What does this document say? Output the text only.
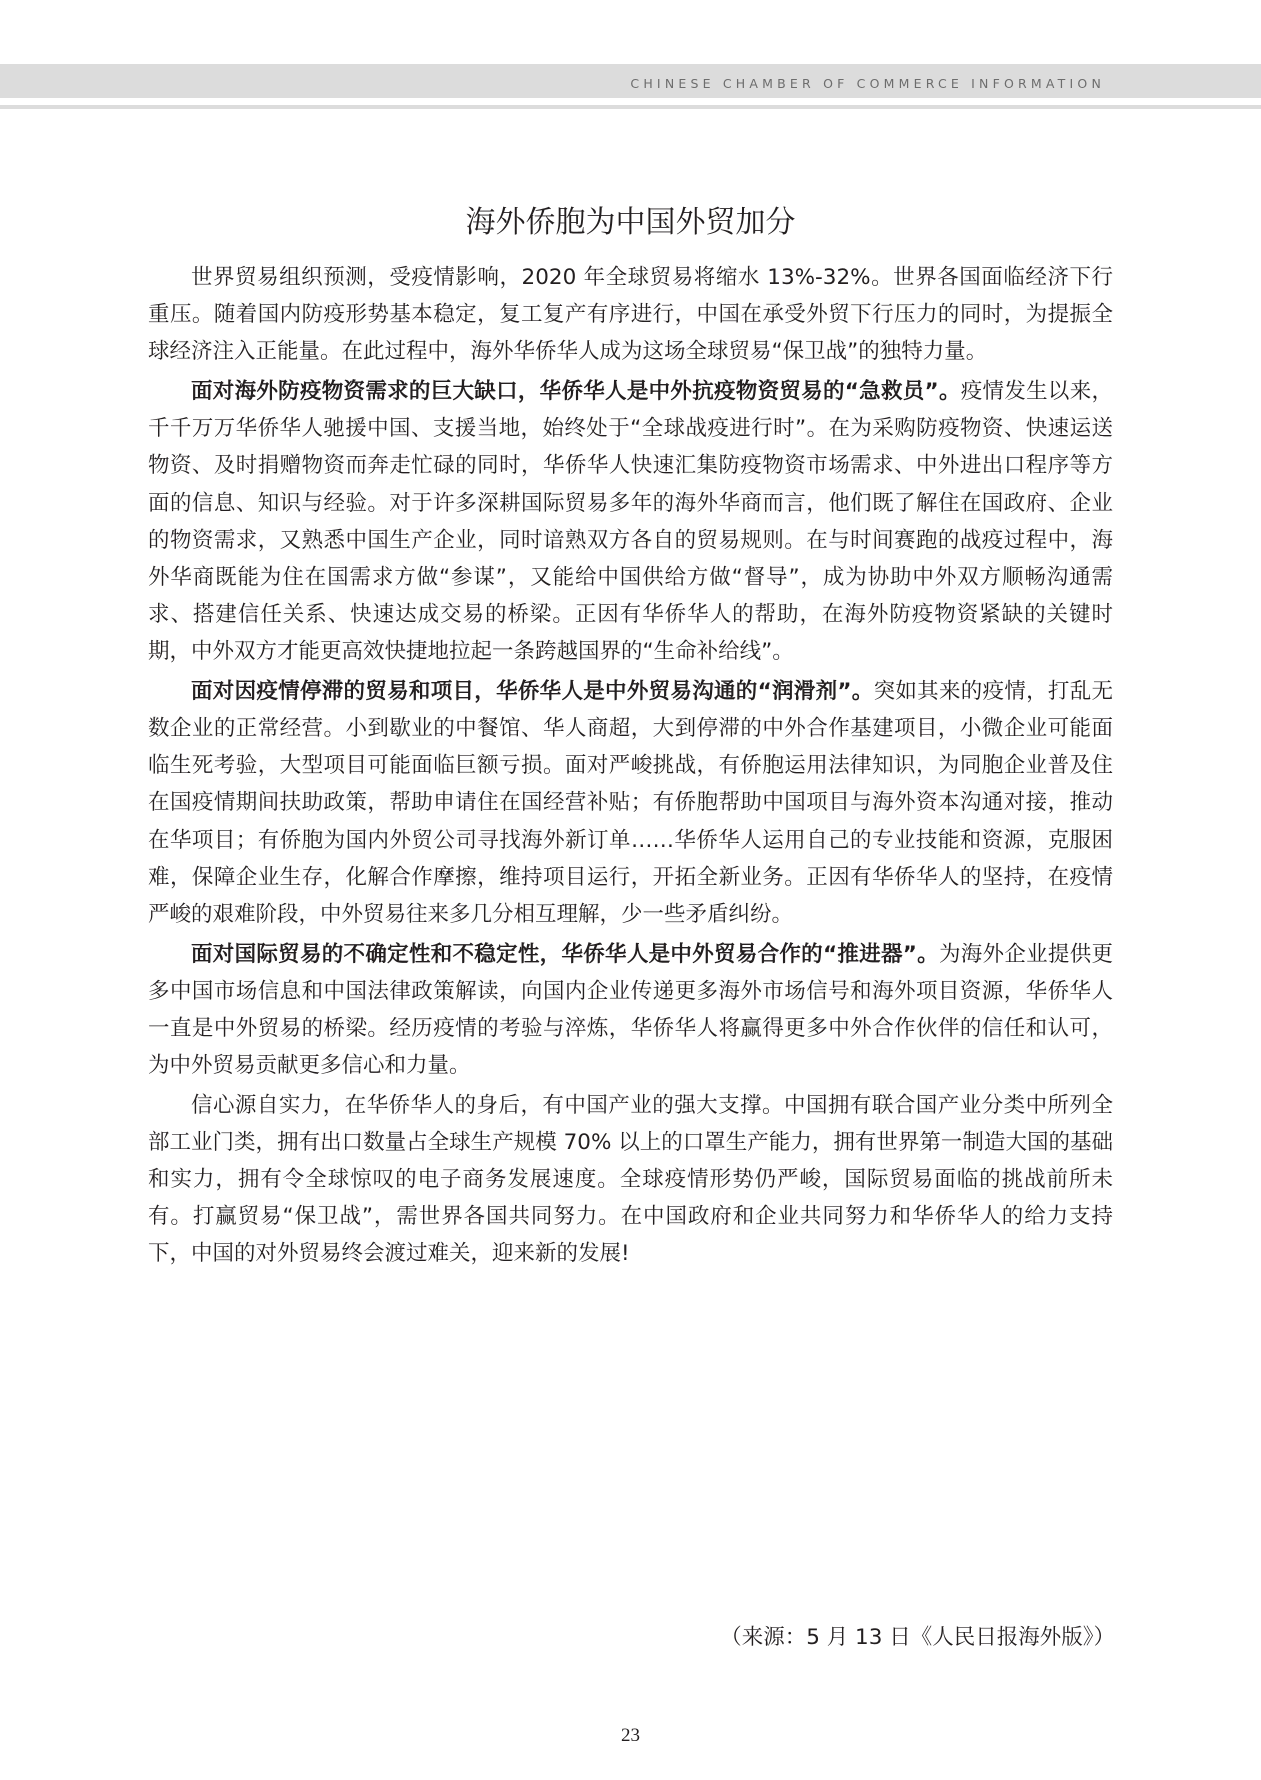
CHINESE CHAMBER OF COMMERCE INFORMATION
海外侨胞为中国外贸加分

世界贸易组织预测，受疫情影响，2020 年全球贸易将缩水 13%-32%。世界各国面临经济下行重压。随着国内防疫形势基本稳定，复工复产有序进行，中国在承受外贸下行压力的同时，为提振全球经济注入正能量。在此过程中，海外华侨华人成为这场全球贸易“保卫战”的独特力量。

面对海外防疫物资需求的巨大缺口，华侨华人是中外抗疫物资贸易的“急救员”。疫情发生以来，千千万万华侨华人驰援中国、支援当地，始终处于“全球战疫进行时”。在为采购防疫物资、快速运送物资、及时捐赠物资而奔走忙碌的同时，华侨华人快速汇集防疫物资市场需求、中外进出口程序等方面的信息、知识与经验。对于许多深耕国际贸易多年的海外华商而言，他们既了解住在国政府、企业的物资需求，又熟悉中国生产企业，同时谙熟双方各自的贸易规则。在与时间赛跑的战疫过程中，海外华商既能为住在国需求方做“参谋”，又能给中国供给方做“督导”，成为协助中外双方顺畅沟通需求、搭建信任关系、快速达成交易的桥梁。正因有华侨华人的帮助，在海外防疫物资紧缺的关键时期，中外双方才能更高效快捷地拉起一条跨越国界的“生命补给线”。

面对因疫情停滞的贸易和项目，华侨华人是中外贸易沟通的“润滑剂”。突如其来的疫情，打乱无数企业的正常经营。小到歇业的中餐馆、华人商超，大到停滞的中外合作基建项目，小微企业可能面临生死考验，大型项目可能面临巨额亏损。面对严峻挑战，有侨胞运用法律知识，为同胞企业普及住在国疫情期间扶助政策，帮助申请住在国经营补贴；有侨胞帮助中国项目与海外资本沟通对接，推动在华项目；有侨胞为国内外贸公司寻找海外新订单……华侨华人运用自己的专业技能和资源，克服困难，保障企业生存，化解合作摩擦，维持项目运行，开拓全新业务。正因有华侨华人的坚持，在疫情严峻的艰难阶段，中外贸易往来多几分相互理解，少一些矛盾纠纷。

面对国际贸易的不确定性和不稳定性，华侨华人是中外贸易合作的“推进器”。为海外企业提供更多中国市场信息和中国法律政策解读，向国内企业传递更多海外市场信号和海外项目资源，华侨华人一直是中外贸易的桥梁。经历疫情的考验与淬炼，华侨华人将赢得更多中外合作伙伴的信任和认可，为中外贸易贡献更多信心和力量。

信心源自实力，在华侨华人的身后，有中国产业的强大支撑。中国拥有联合国产业分类中所列全部工业门类，拥有出口数量占全球生产规模 70% 以上的口罩生产能力，拥有世界第一制造大国的基础和实力，拥有令全球惊叹的电子商务发展速度。全球疫情形势仍严峻，国际贸易面临的挑战前所未有。打赢贸易“保卫战”，需世界各国共同努力。在中国政府和企业共同努力和华侨华人的给力支持下，中国的对外贸易终会渡过难关，迎来新的发展!

（来源：5 月 13 日《人民日报海外版》）
23
